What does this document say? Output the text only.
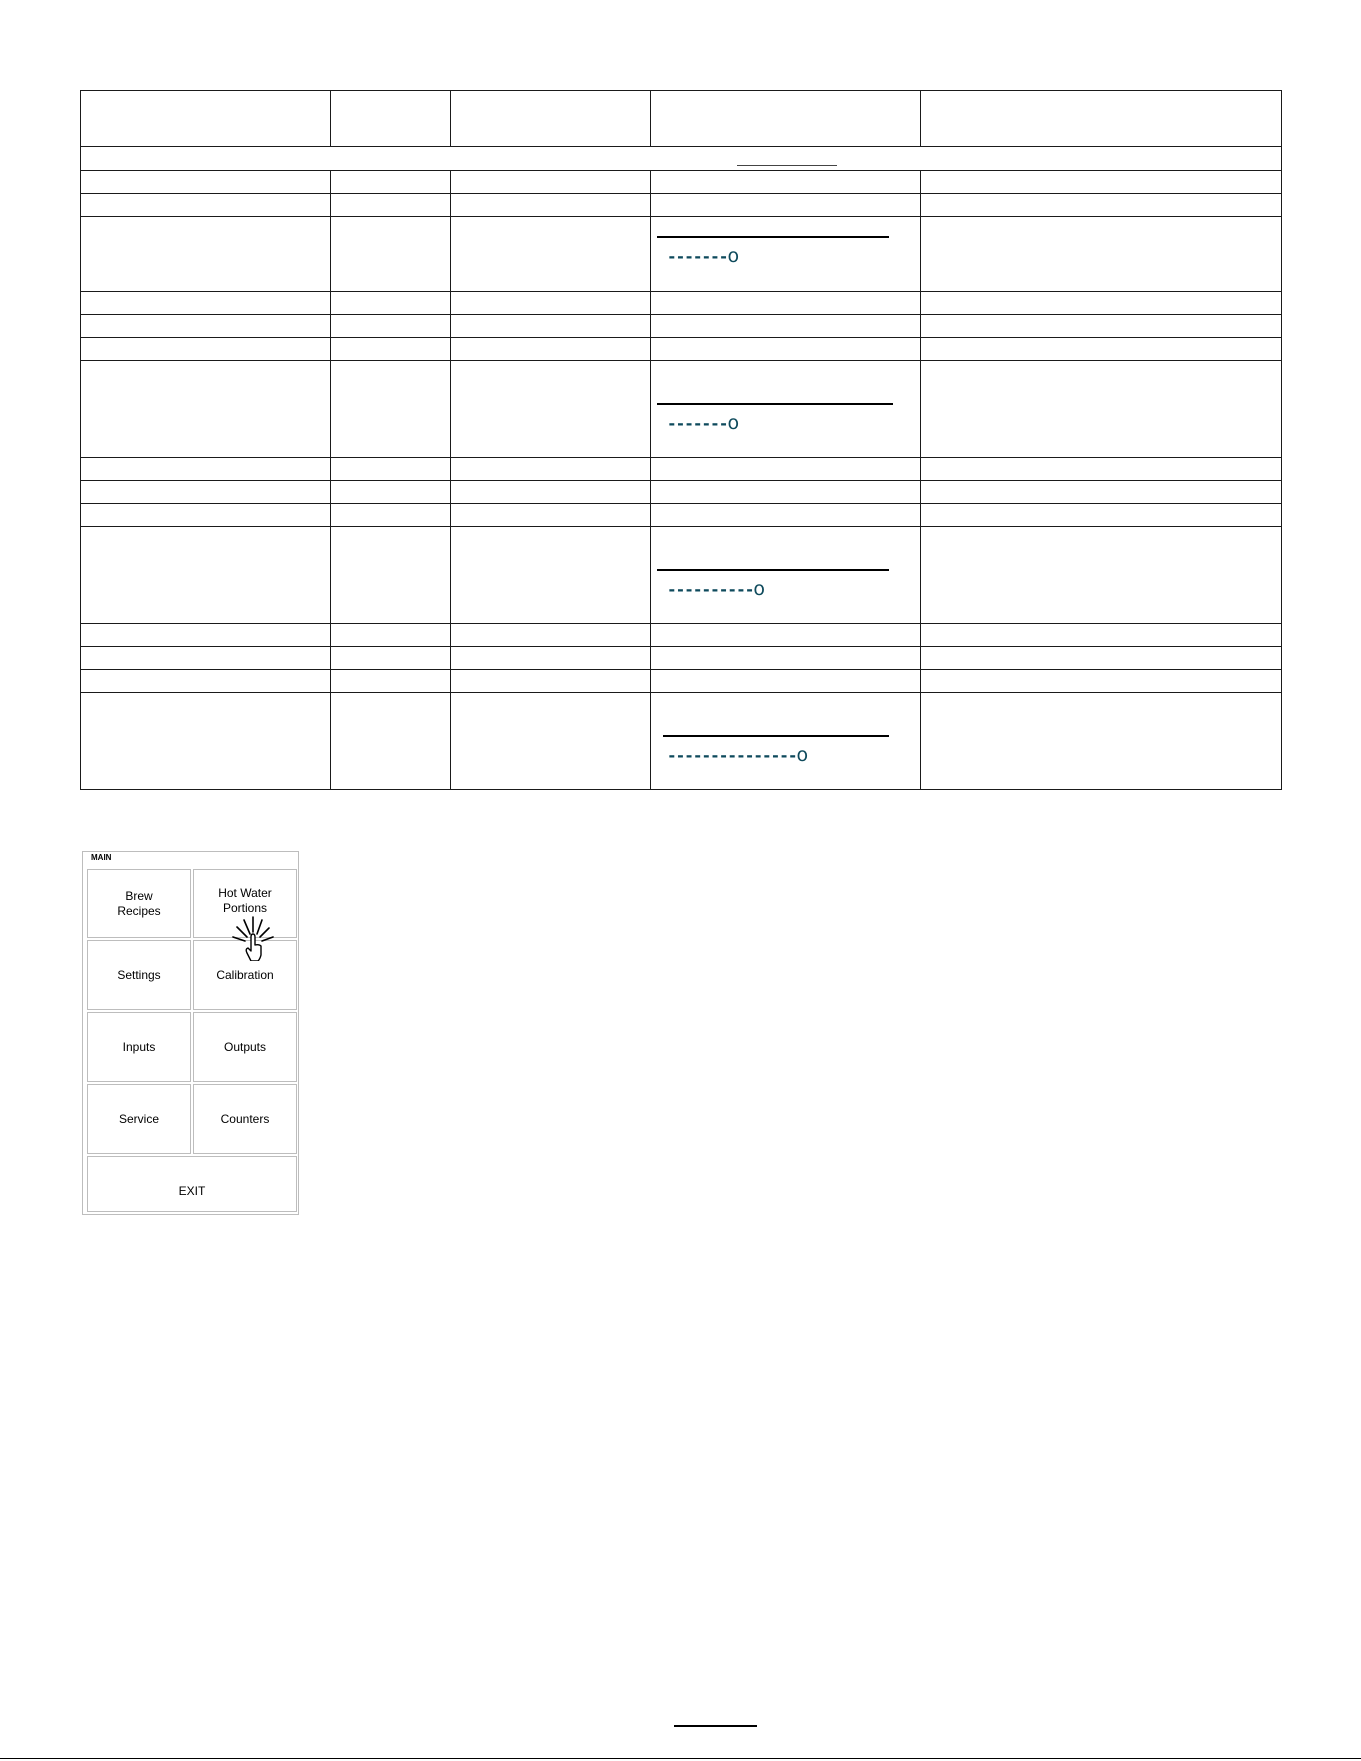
			-------o	

			-------o	

			----------o	

			---------------o	

MAIN
Brew
Recipes
Hot Water
Portions
Settings	Calibration
Inputs	Outputs
Service	Counters
EXIT
